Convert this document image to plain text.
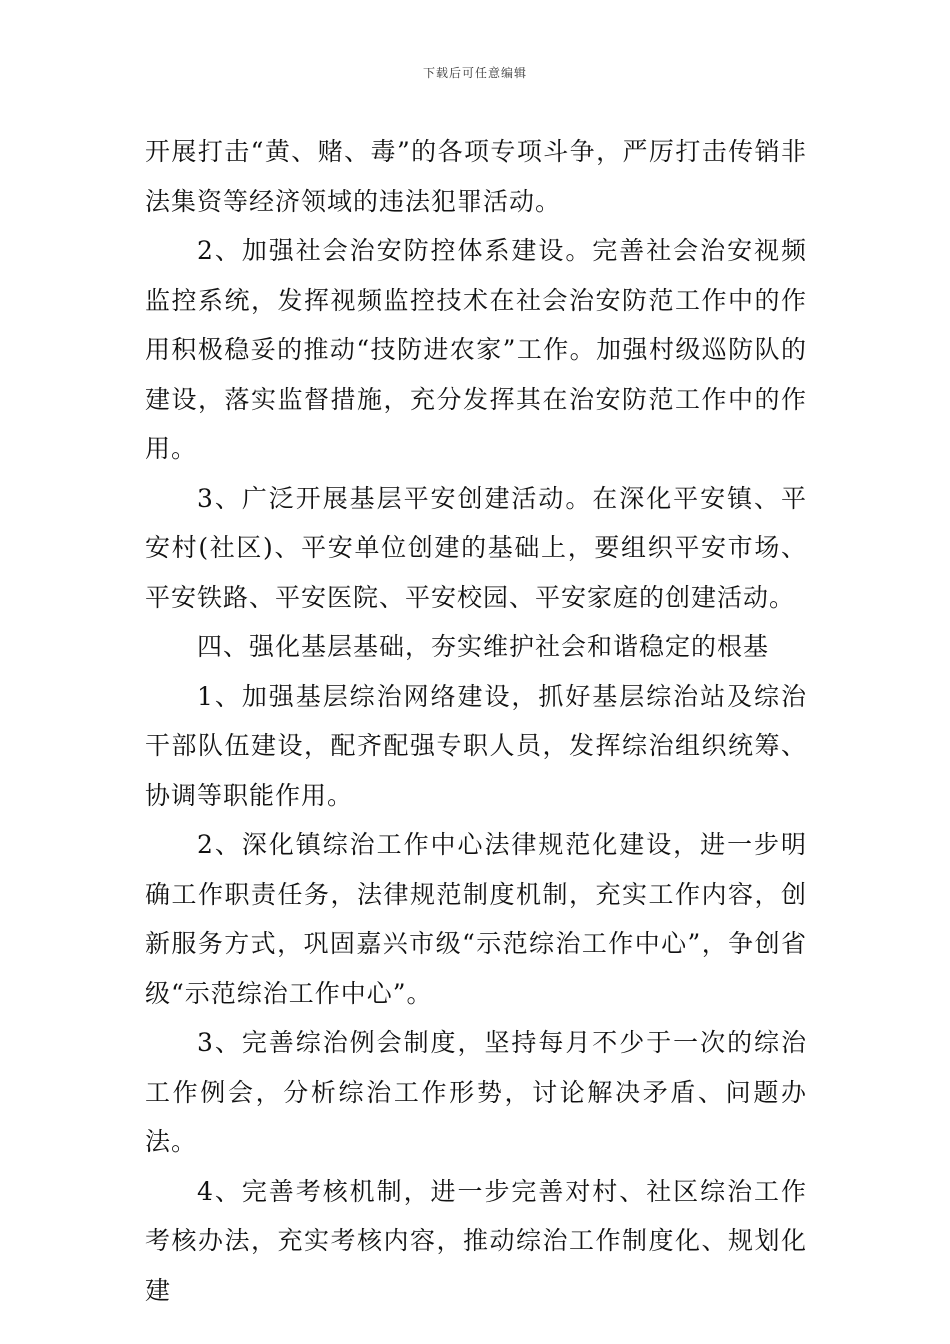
下载后可任意编辑

开展打击“黄、赌、毒”的各项专项斗争，严厉打击传销非法集资等经济领域的违法犯罪活动。

2、加强社会治安防控体系建设。完善社会治安视频监控系统，发挥视频监控技术在社会治安防范工作中的作用积极稳妥的推动“技防进农家”工作。加强村级巡防队的建设，落实监督措施，充分发挥其在治安防范工作中的作用。

3、广泛开展基层平安创建活动。在深化平安镇、平安村(社区)、平安单位创建的基础上，要组织平安市场、平安铁路、平安医院、平安校园、平安家庭的创建活动。

四、强化基层基础，夯实维护社会和谐稳定的根基

1、加强基层综治网络建设，抓好基层综治站及综治干部队伍建设，配齐配强专职人员，发挥综治组织统筹、协调等职能作用。

2、深化镇综治工作中心法律规范化建设，进一步明确工作职责任务，法律规范制度机制，充实工作内容，创新服务方式，巩固嘉兴市级“示范综治工作中心”，争创省级“示范综治工作中心”。

3、完善综治例会制度，坚持每月不少于一次的综治工作例会，分析综治工作形势，讨论解决矛盾、问题办法。

4、完善考核机制，进一步完善对村、社区综治工作考核办法，充实考核内容，推动综治工作制度化、规划化建
